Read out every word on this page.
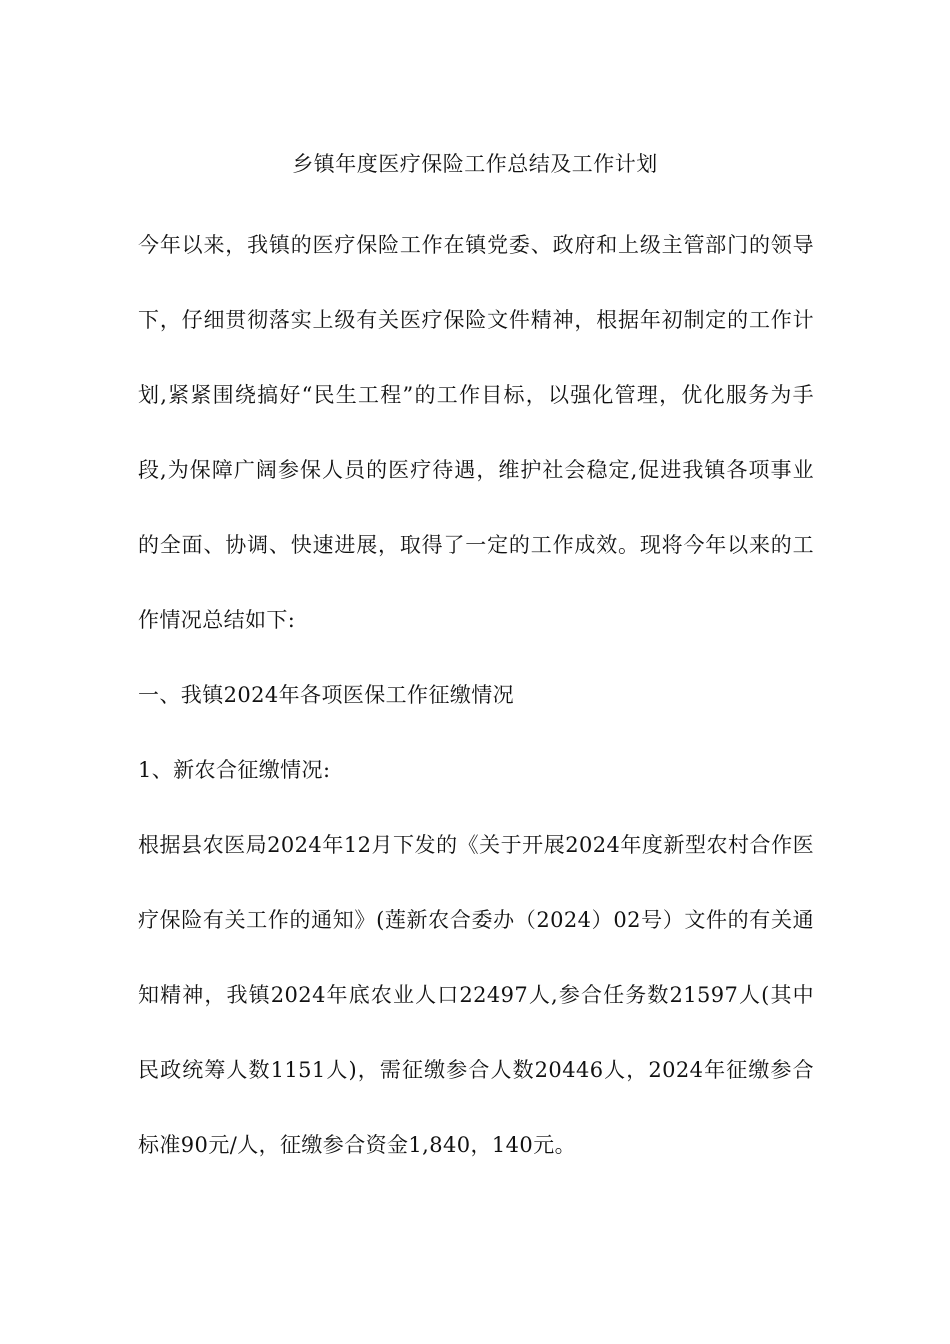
乡镇年度医疗保险工作总结及工作计划

今年以来，我镇的医疗保险工作在镇党委、政府和上级主管部门的领导下，仔细贯彻落实上级有关医疗保险文件精神，根据年初制定的工作计划,紧紧围绕搞好“民生工程”的工作目标，以强化管理，优化服务为手段,为保障广阔参保人员的医疗待遇，维护社会稳定,促进我镇各项事业的全面、协调、快速进展，取得了一定的工作成效。现将今年以来的工作情况总结如下:

一、我镇2024年各项医保工作征缴情况

1、新农合征缴情况:

根据县农医局2024年12月下发的《关于开展2024年度新型农村合作医疗保险有关工作的通知》(莲新农合委办（2024）02号）文件的有关通知精神，我镇2024年底农业人口22497人,参合任务数21597人(其中民政统筹人数1151人)，需征缴参合人数20446人，2024年征缴参合标准90元/人，征缴参合资金1,840，140元。
